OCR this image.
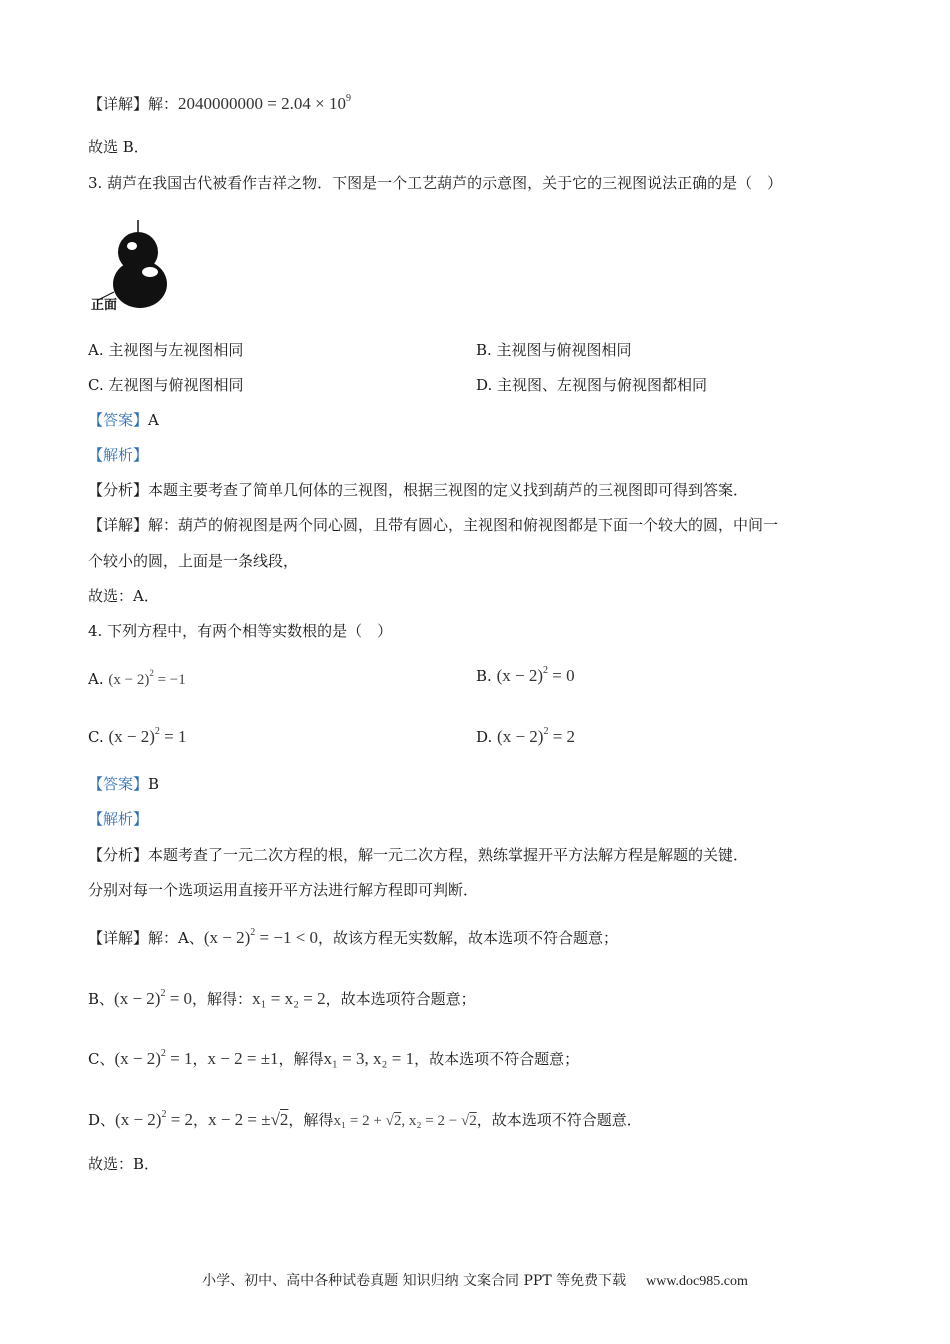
【详解】解：$2040000000 = 2.04 \times 10^9$
故选 B．
3. 葫芦在我国古代被看作吉祥之物．下图是一个工艺葫芦的示意图，关于它的三视图说法正确的是（　）
正面
A. 主视图与左视图相同	B. 主视图与俯视图相同
C. 左视图与俯视图相同	D. 主视图、左视图与俯视图都相同
【答案】A
【解析】
【分析】本题主要考查了简单几何体的三视图，根据三视图的定义找到葫芦的三视图即可得到答案．
【详解】解：葫芦的俯视图是两个同心圆，且带有圆心，主视图和俯视图都是下面一个较大的圆，中间一
个较小的圆，上面是一条线段，
故选：A．
4. 下列方程中，有两个相等实数根的是（　）
A. $(x - 2)^2 = -1$	B. $(x - 2)^2 = 0$
C. $(x - 2)^2 = 1$	D. $(x - 2)^2 = 2$
【答案】B
【解析】
【分析】本题考查了一元二次方程的根，解一元二次方程，熟练掌握开平方法解方程是解题的关键．
分别对每一个选项运用直接开平方法进行解方程即可判断．
【详解】解：A、$(x - 2)^2 = -1 < 0$，故该方程无实数解，故本选项不符合题意；
B、$(x - 2)^2 = 0$，解得：x₁ = x₂ = 2，故本选项符合题意；
C、$(x - 2)^2 = 1$，x − 2 = ±1，解得x₁ = 3, x₂ = 1，故本选项不符合题意；
D、$(x - 2)^2 = 2$，x − 2 = ±√2，解得x₁ = 2 + √2, x₂ = 2 − √2，故本选项不符合题意．
故选：B．
小学、初中、高中各种试卷真题 知识归纳 文案合同 PPT 等免费下载 www.doc985.com
